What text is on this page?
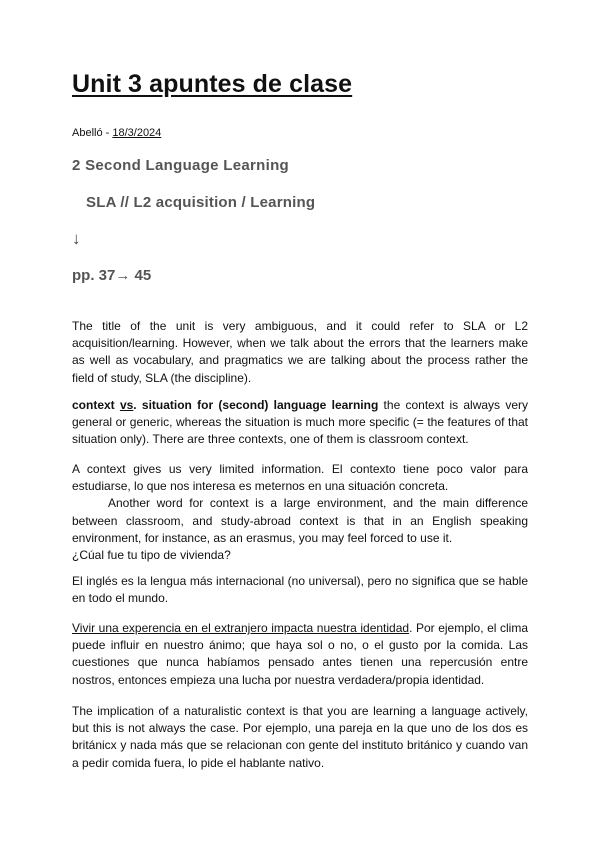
Unit 3 apuntes de clase
Abelló - 18/3/2024
2 Second Language Learning
SLA // L2 acquisition / Learning
↓
pp. 37→ 45

The title of the unit is very ambiguous, and it could refer to SLA or L2 acquisition/learning. However, when we talk about the errors that the learners make as well as vocabulary, and pragmatics we are talking about the process rather the field of study, SLA (the discipline).

context vs. situation for (second) language learning the context is always very general or generic, whereas the situation is much more specific (= the features of that situation only). There are three contexts, one of them is classroom context.

A context gives us very limited information. El contexto tiene poco valor para estudiarse, lo que nos interesa es meternos en una situación concreta.
Another word for context is a large environment, and the main difference between classroom, and study-abroad context is that in an English speaking environment, for instance, as an erasmus, you may feel forced to use it.
¿Cúal fue tu tipo de vivienda?

El inglés es la lengua más internacional (no universal), pero no significa que se hable en todo el mundo.

Vivir una experencia en el extranjero impacta nuestra identidad. Por ejemplo, el clima puede influir en nuestro ánimo; que haya sol o no, o el gusto por la comida. Las cuestiones que nunca habíamos pensado antes tienen una repercusión entre nostros, entonces empieza una lucha por nuestra verdadera/propia identidad.

The implication of a naturalistic context is that you are learning a language actively, but this is not always the case. Por ejemplo, una pareja en la que uno de los dos es británicx y nada más que se relacionan con gente del instituto británico y cuando van a pedir comida fuera, lo pide el hablante nativo.
